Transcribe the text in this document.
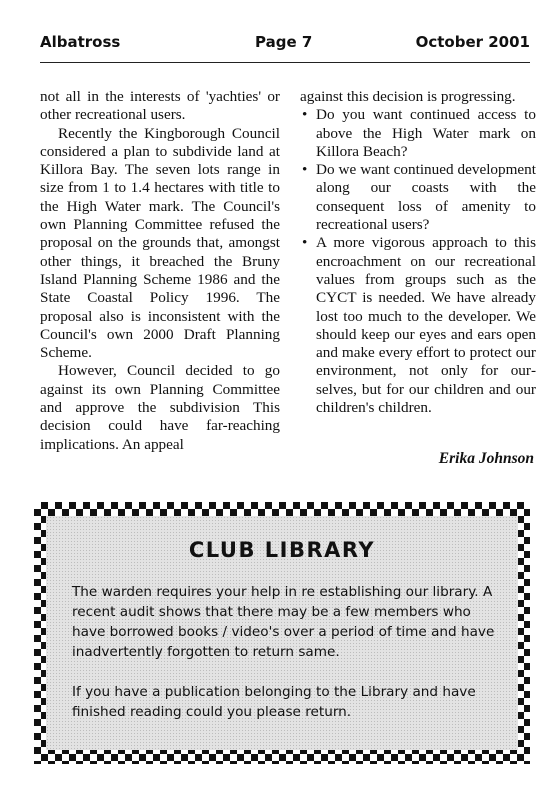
Albatross	Page 7	October 2001

not all in the interests of 'yachties' or other recreational users.

Recently the Kingborough Council considered a plan to subdivide land at Killora Bay. The seven lots range in size from 1 to 1.4 hectares with title to the High Water mark. The Council's own Planning Committee refused the proposal on the grounds that, amongst other things, it breached the Bruny Island Planning Scheme 1986 and the State Coastal Policy 1996. The proposal also is inconsistent with the Council's own 2000 Draft Planning Scheme.

However, Council decided to go against its own Planning Committee and approve the subdivision This decision could have far-reaching implications. An appeal

against this decision is progressing.

• Do you want continued access to above the High Water mark on Killora Beach?
• Do we want continued development along our coasts with the consequent loss of amenity to recreational users?
• A more vigorous approach to this encroachment on our recreational values from groups such as the CYCT is needed. We have already lost too much to the developer. We should keep our eyes and ears open and make every effort to protect our environment, not only for ourselves, but for our children and our children's children.
Erika Johnson
CLUB LIBRARY

The warden requires your help in re establishing our library. A recent audit shows that there may be a few members who have borrowed books / video's over a period of time and have inadvertently forgotten to return same.

If you have a publication belonging to the Library and have finished reading could you please return.
